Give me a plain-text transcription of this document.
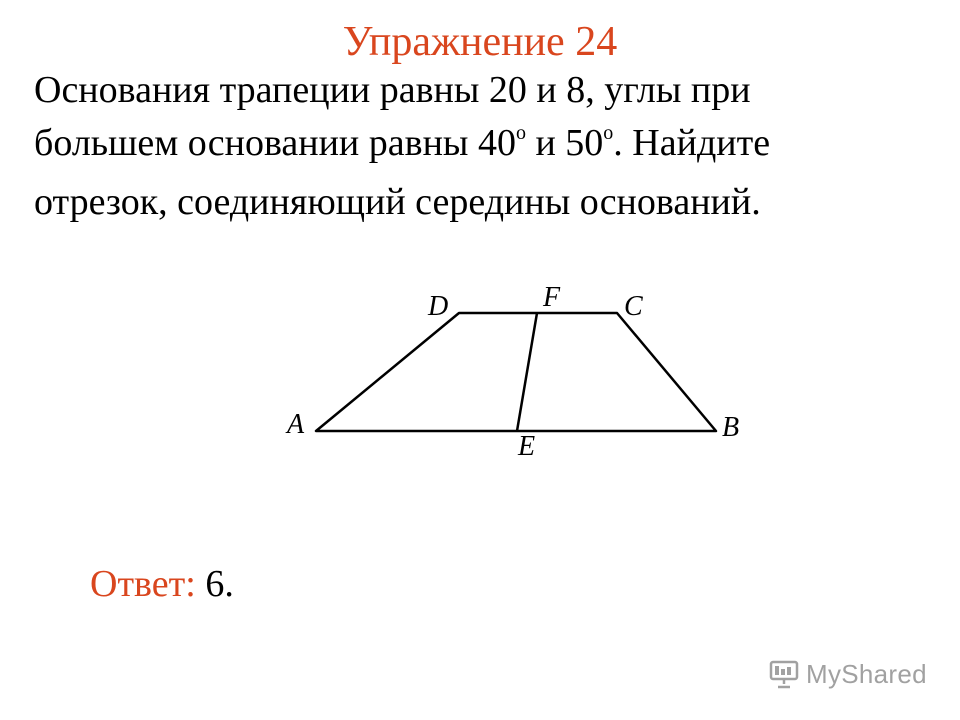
Упражнение 24
Основания трапеции равны 20 и 8, углы при
большем основании равны $40^о$ и $50^о$. Найдите
отрезок, соединяющий середины оснований.
A	B
C
D
E
F
Ответ: 6.
MyShared
